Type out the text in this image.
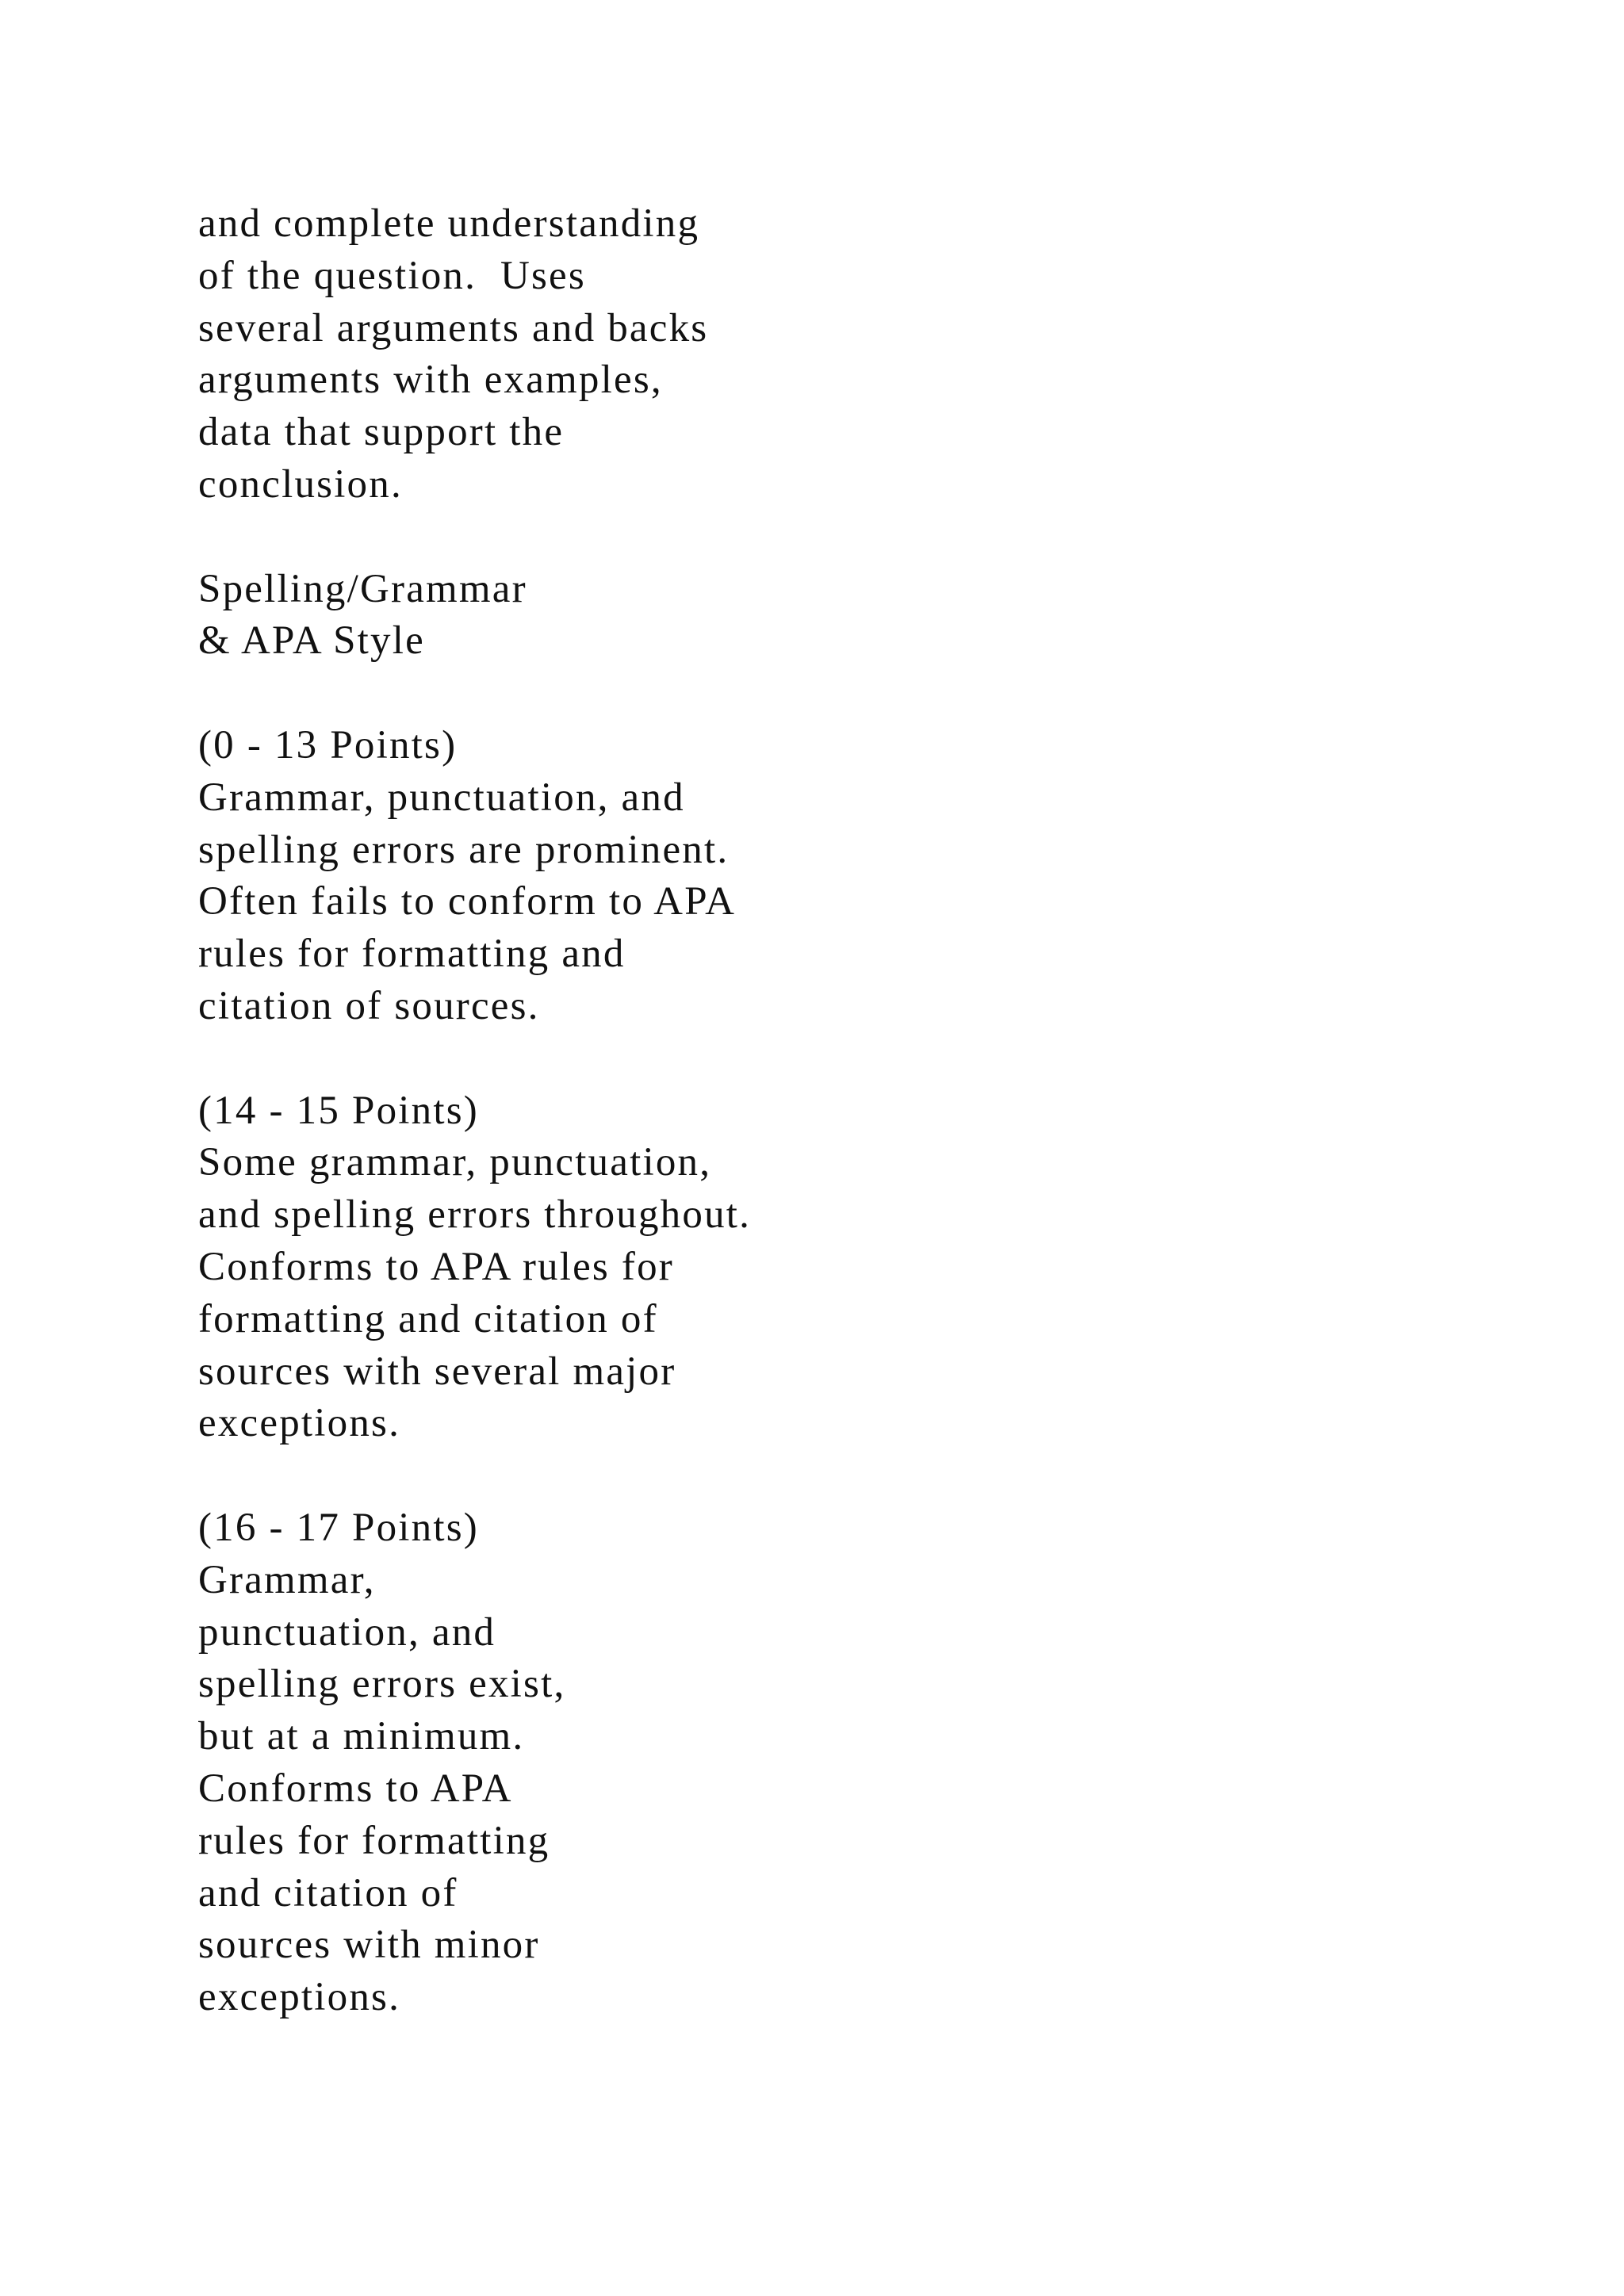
and complete understanding
of the question.  Uses
several arguments and backs
arguments with examples,
data that support the
conclusion.
Spelling/Grammar
& APA Style
(0 - 13 Points)
Grammar, punctuation, and
spelling errors are prominent.
Often fails to conform to APA
rules for formatting and
citation of sources.
(14 - 15 Points)
Some grammar, punctuation,
and spelling errors throughout.
Conforms to APA rules for
formatting and citation of
sources with several major
exceptions.
(16 - 17 Points)
Grammar,
punctuation, and
spelling errors exist,
but at a minimum.
Conforms to APA
rules for formatting
and citation of
sources with minor
exceptions.
